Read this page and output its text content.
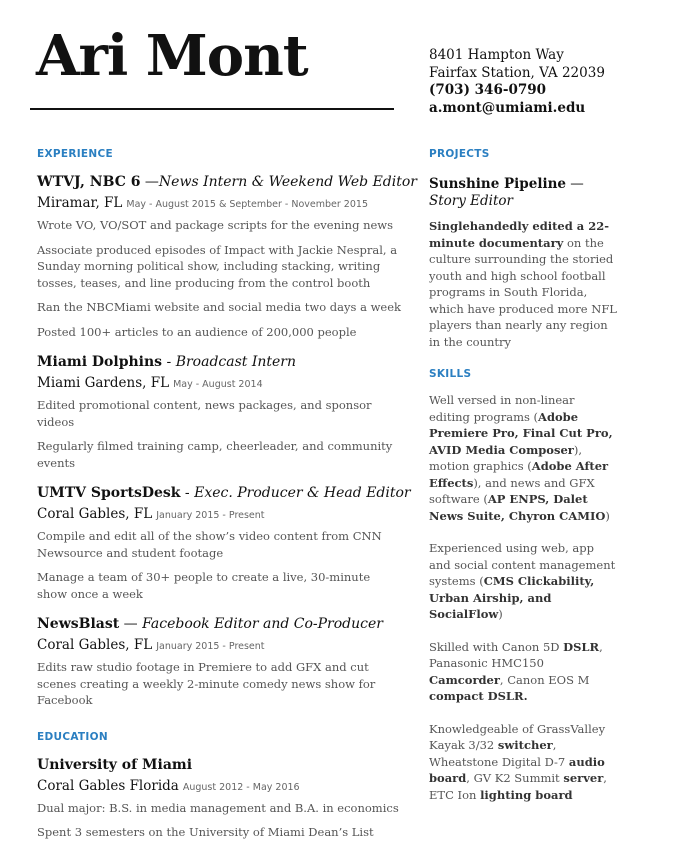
Ari Mont	8401 Hampton Way
Fairfax Station, VA 22039
(703) 346-0790
a.mont@umiami.edu
EXPERIENCE
WTVJ, NBC 6 —News Intern & Weekend Web Editor
Miramar, FL May - August 2015 & September - November 2015
Wrote VO, VO/SOT and package scripts for the evening news
Associate produced episodes of Impact with Jackie Nespral, a Sunday morning political show, including stacking, writing tosses, teases, and line producing from the control booth
Ran the NBCMiami website and social media two days a week
Posted 100+ articles to an audience of 200,000 people
Miami Dolphins - Broadcast Intern
Miami Gardens, FL May - August 2014
Edited promotional content, news packages, and sponsor videos
Regularly filmed training camp, cheerleader, and community events
UMTV SportsDesk - Exec. Producer & Head Editor
Coral Gables, FL January 2015 - Present
Compile and edit all of the show’s video content from CNN Newsource and student footage
Manage a team of 30+ people to create a live, 30-minute show once a week
NewsBlast — Facebook Editor and Co-Producer
Coral Gables, FL January 2015 - Present
Edits raw studio footage in Premiere to add GFX and cut scenes creating a weekly 2-minute comedy news show for Facebook
EDUCATION
University of Miami
Coral Gables Florida August 2012 - May 2016
Dual major: B.S. in media management and B.A. in economics
Spent 3 semesters on the University of Miami Dean’s List
PROJECTS
Sunshine Pipeline —
Story Editor
Singlehandedly edited a 22-minute documentary on the culture surrounding the storied youth and high school football programs in South Florida, which have produced more NFL players than nearly any region in the country
SKILLS
Well versed in non-linear editing programs (Adobe Premiere Pro, Final Cut Pro, AVID Media Composer), motion graphics (Adobe After Effects), and news and GFX software (AP ENPS, Dalet News Suite, Chyron CAMIO)
Experienced using web, app and social content management systems (CMS Clickability, Urban Airship, and SocialFlow)
Skilled with Canon 5D DSLR, Panasonic HMC150 Camcorder, Canon EOS M compact DSLR.
Knowledgeable of GrassValley Kayak 3/32 switcher, Wheatstone Digital D-7 audio board, GV K2 Summit server, ETC Ion lighting board
